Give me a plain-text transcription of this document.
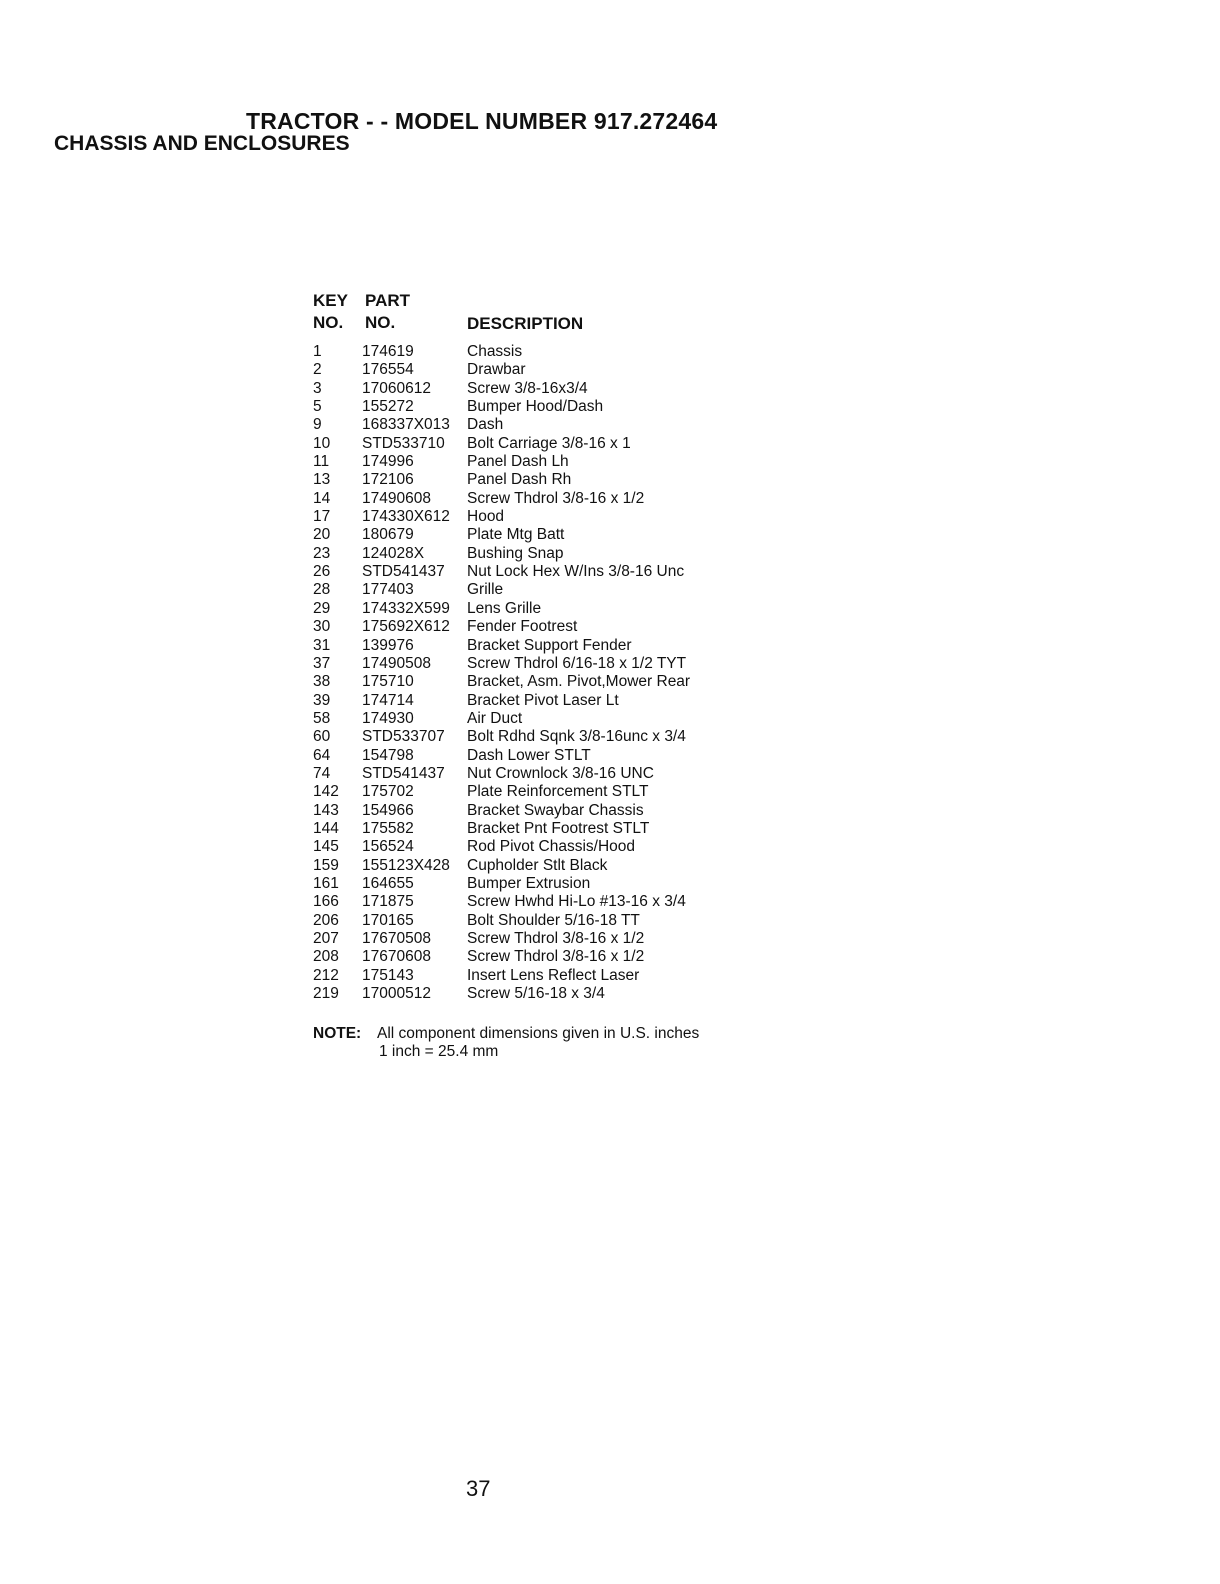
TRACTOR - - MODEL NUMBER 917.272464
CHASSIS AND ENCLOSURES
KEY PART
NO. NO.	DESCRIPTION
1	174619	Chassis
2	176554	Drawbar
3	17060612 Screw 3/8-16x3/4
5	155272	Bumper Hood/Dash
9	168337X013 Dash
10 STD533710 Bolt Carriage 3/8-16 x 1
11 174996	Panel Dash Lh
13 172106	Panel Dash Rh
14 17490608 Screw Thdrol 3/8-16 x 1/2
17 174330X612 Hood
20 180679	Plate Mtg Batt
23 124028X	Bushing Snap
26 STD541437 Nut Lock Hex W/Ins 3/8-16 Unc
28 177403	Grille
29 174332X599 Lens Grille
30 175692X612 Fender Footrest
31 139976	Bracket Support Fender
37 17490508 Screw Thdrol 6/16-18 x 1/2 TYT
38 175710	Bracket, Asm. Pivot,Mower Rear
39 174714	Bracket Pivot Laser Lt
58 174930	Air Duct
60 STD533707 Bolt Rdhd Sqnk 3/8-16unc x 3/4
64 154798	Dash Lower STLT
74 STD541437 Nut Crownlock 3/8-16 UNC
142 175702	Plate Reinforcement STLT
143 154966	Bracket Swaybar Chassis
144 175582	Bracket Pnt Footrest STLT
145 156524	Rod Pivot Chassis/Hood
159 155123X428 Cupholder Stlt Black
161 164655	Bumper Extrusion
166 171875	Screw Hwhd Hi-Lo #13-16 x 3/4
206 170165	Bolt Shoulder 5/16-18 TT
207 17670508 Screw Thdrol 3/8-16 x 1/2
208 17670608 Screw Thdrol 3/8-16 x 1/2
212 175143	Insert Lens Reflect Laser
219 17000512 Screw 5/16-18 x 3/4
NOTE: All component dimensions given in U.S. inches
1 inch = 25.4 mm
37
